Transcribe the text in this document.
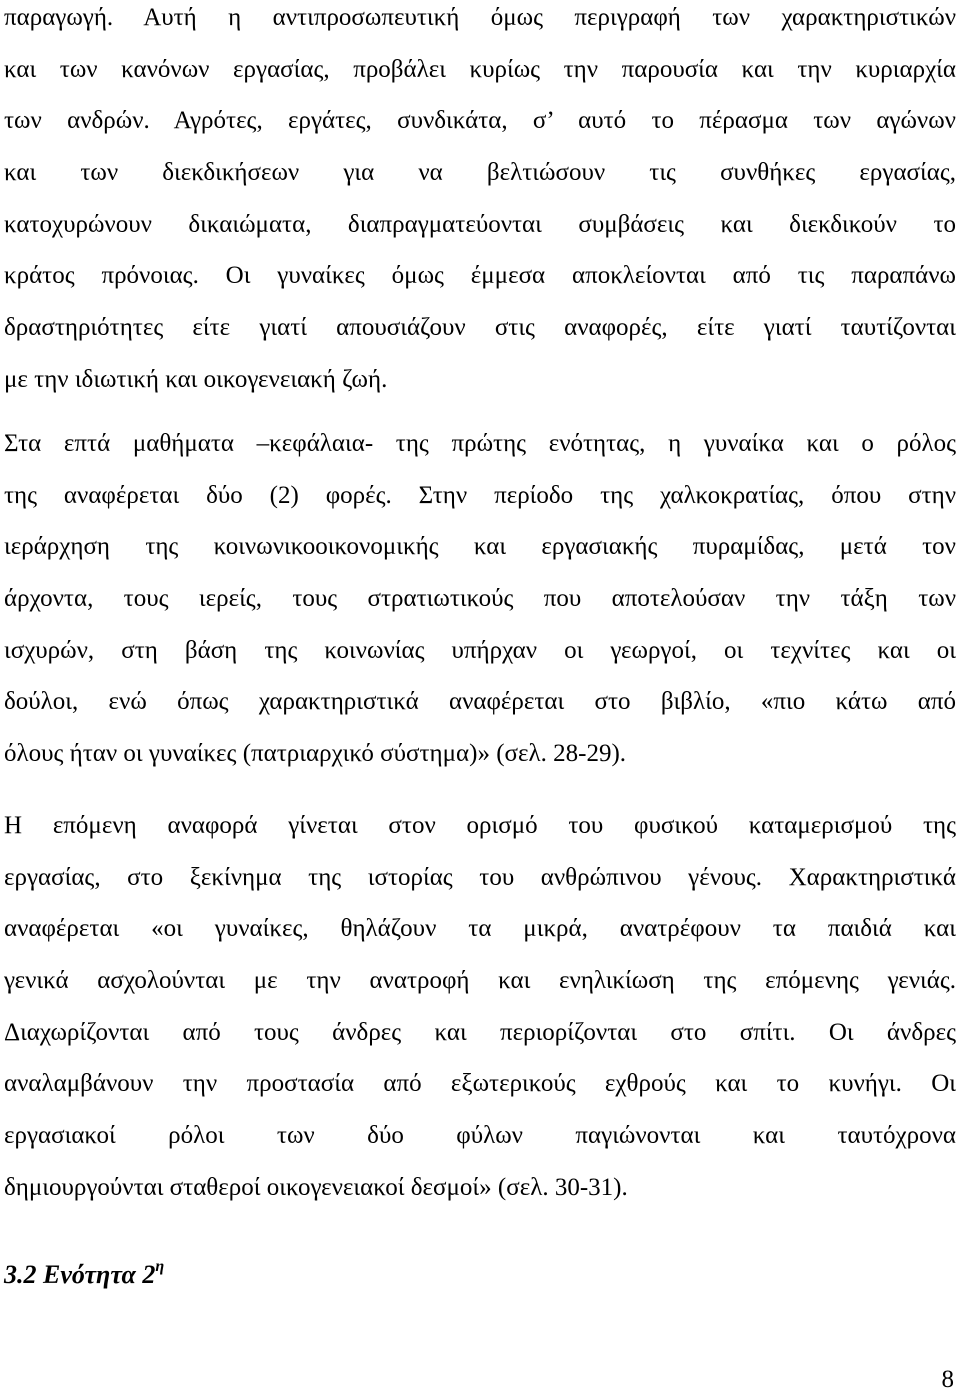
παραγωγή. Αυτή η αντιπροσωπευτική όμως περιγραφή των χαρακτηριστικών
και των κανόνων εργασίας, προβάλει κυρίως την παρουσία και την κυριαρχία
των ανδρών. Αγρότες, εργάτες, συνδικάτα, σ’ αυτό το πέρασμα των αγώνων
και των διεκδικήσεων για να βελτιώσουν τις συνθήκες εργασίας,
κατοχυρώνουν δικαιώματα, διαπραγματεύονται συμβάσεις και διεκδικούν το
κράτος πρόνοιας. Οι γυναίκες όμως έμμεσα αποκλείονται από τις παραπάνω
δραστηριότητες είτε γιατί απουσιάζουν στις αναφορές, είτε γιατί ταυτίζονται
με την ιδιωτική και οικογενειακή ζωή.
Στα επτά μαθήματα –κεφάλαια- της πρώτης ενότητας, η γυναίκα και ο ρόλος
της αναφέρεται δύο (2) φορές. Στην περίοδο της χαλκοκρατίας, όπου στην
ιεράρχηση της κοινωνικοοικονομικής και εργασιακής πυραμίδας, μετά τον
άρχοντα, τους ιερείς, τους στρατιωτικούς που αποτελούσαν την τάξη των
ισχυρών, στη βάση της κοινωνίας υπήρχαν οι γεωργοί, οι τεχνίτες και οι
δούλοι, ενώ όπως χαρακτηριστικά αναφέρεται στο βιβλίο, «πιο κάτω από
όλους ήταν οι γυναίκες (πατριαρχικό σύστημα)» (σελ. 28-29).
Η επόμενη αναφορά γίνεται στον ορισμό του φυσικού καταμερισμού της
εργασίας, στο ξεκίνημα της ιστορίας του ανθρώπινου γένους. Χαρακτηριστικά
αναφέρεται «οι γυναίκες, θηλάζουν τα μικρά, ανατρέφουν τα παιδιά και
γενικά ασχολούνται με την ανατροφή και ενηλικίωση της επόμενης γενιάς.
Διαχωρίζονται από τους άνδρες και περιορίζονται στο σπίτι. Οι άνδρες
αναλαμβάνουν την προστασία από εξωτερικούς εχθρούς και το κυνήγι. Οι
εργασιακοί ρόλοι των δύο φύλων παγιώνονται και ταυτόχρονα
δημιουργούνται σταθεροί οικογενειακοί δεσμοί» (σελ. 30-31).
3.2 Ενότητα $2^\eta$

8
